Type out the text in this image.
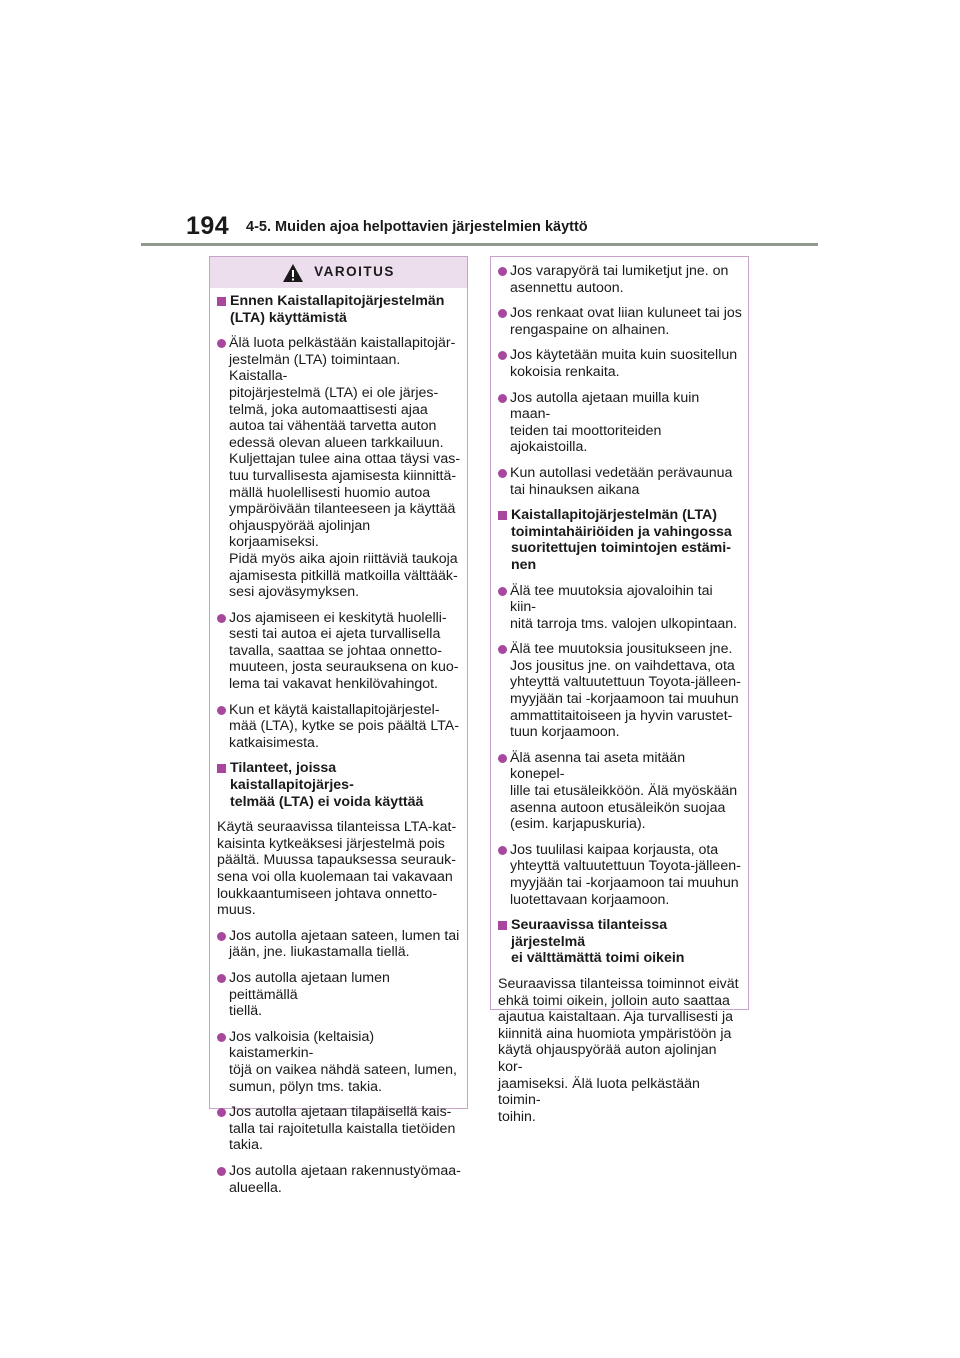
194 4-5. Muiden ajoa helpottavien järjestelmien käyttö
VAROITUS
Ennen Kaistallapitojärjestelmän
(LTA) käyttämistä
Älä luota pelkästään kaistallapitojär-
jestelmän (LTA) toimintaan. Kaistalla-
pitojärjestelmä (LTA) ei ole järjes-
telmä, joka automaattisesti ajaa
autoa tai vähentää tarvetta auton
edessä olevan alueen tarkkailuun.
Kuljettajan tulee aina ottaa täysi vas-
tuu turvallisesta ajamisesta kiinnittä-
mällä huolellisesti huomio autoa
ympäröivään tilanteeseen ja käyttää
ohjauspyörää ajolinjan korjaamiseksi.
Pidä myös aika ajoin riittäviä taukoja
ajamisesta pitkillä matkoilla välttääk-
sesi ajoväsymyksen.
Jos ajamiseen ei keskitytä huolelli-
sesti tai autoa ei ajeta turvallisella
tavalla, saattaa se johtaa onnetto-
muuteen, josta seurauksena on kuo-
lema tai vakavat henkilövahingot.
Kun et käytä kaistallapitojärjestel-
mää (LTA), kytke se pois päältä LTA-
katkaisimesta.
Tilanteet, joissa kaistallapitojärjes-
telmää (LTA) ei voida käyttää
Käytä seuraavissa tilanteissa LTA-kat-
kaisinta kytkeäksesi järjestelmä pois
päältä. Muussa tapauksessa seurauk-
sena voi olla kuolemaan tai vakavaan
loukkaantumiseen johtava onnetto-
muus.
Jos autolla ajetaan sateen, lumen tai
jään, jne. liukastamalla tiellä.
Jos autolla ajetaan lumen peittämällä
tiellä.
Jos valkoisia (keltaisia) kaistamerkin-
töjä on vaikea nähdä sateen, lumen,
sumun, pölyn tms. takia.
Jos autolla ajetaan tilapäisellä kais-
talla tai rajoitetulla kaistalla tietöiden
takia.
Jos autolla ajetaan rakennustyömaa-
alueella.
Jos varapyörä tai lumiketjut jne. on
asennettu autoon.
Jos renkaat ovat liian kuluneet tai jos
rengaspaine on alhainen.
Jos käytetään muita kuin suositellun
kokoisia renkaita.
Jos autolla ajetaan muilla kuin maan-
teiden tai moottoriteiden ajokaistoilla.
Kun autollasi vedetään perävaunua
tai hinauksen aikana
Kaistallapitojärjestelmän (LTA)
toimintahäiriöiden ja vahingossa
suoritettujen toimintojen estämi-
nen
Älä tee muutoksia ajovaloihin tai kiin-
nitä tarroja tms. valojen ulkopintaan.
Älä tee muutoksia jousitukseen jne.
Jos jousitus jne. on vaihdettava, ota
yhteyttä valtuutettuun Toyota-jälleen-
myyjään tai -korjaamoon tai muuhun
ammattitaitoiseen ja hyvin varustet-
tuun korjaamoon.
Älä asenna tai aseta mitään konepel-
lille tai etusäleikköön. Älä myöskään
asenna autoon etusäleikön suojaa
(esim. karjapuskuria).
Jos tuulilasi kaipaa korjausta, ota
yhteyttä valtuutettuun Toyota-jälleen-
myyjään tai -korjaamoon tai muuhun
luotettavaan korjaamoon.
Seuraavissa tilanteissa järjestelmä
ei välttämättä toimi oikein
Seuraavissa tilanteissa toiminnot eivät
ehkä toimi oikein, jolloin auto saattaa
ajautua kaistaltaan. Aja turvallisesti ja
kiinnitä aina huomiota ympäristöön ja
käytä ohjauspyörää auton ajolinjan kor-
jaamiseksi. Älä luota pelkästään toimin-
toihin.
